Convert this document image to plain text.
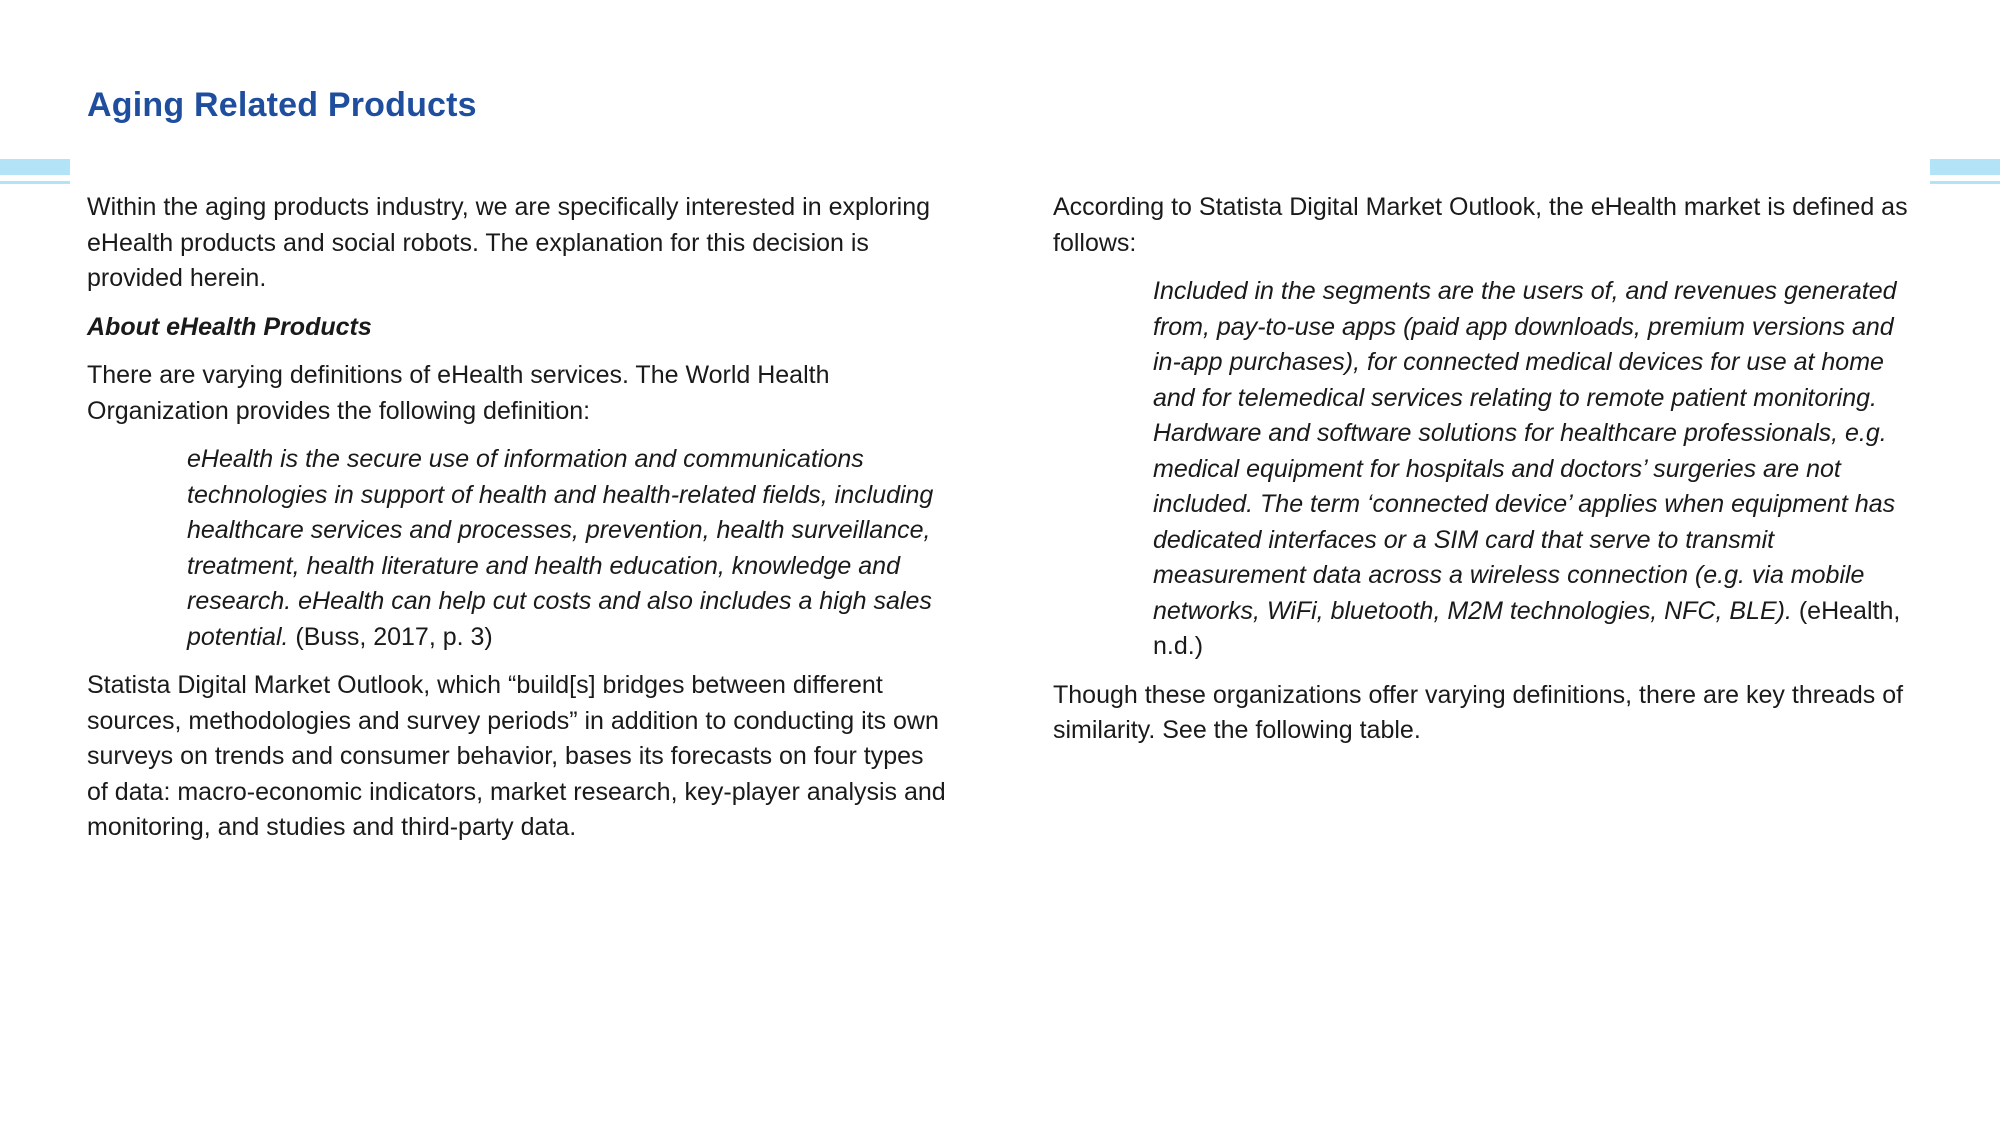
Aging Related Products

Within the aging products industry, we are specifically interested in exploring eHealth products and social robots. The explanation for this decision is provided herein.

About eHealth Products

There are varying definitions of eHealth services. The World Health Organization provides the following definition:

eHealth is the secure use of information and communications technologies in support of health and health-related fields, including healthcare services and processes, prevention, health surveillance, treatment, health literature and health education, knowledge and research. eHealth can help cut costs and also includes a high sales potential. (Buss, 2017, p. 3)

Statista Digital Market Outlook, which “build[s] bridges between different sources, methodologies and survey periods” in addition to conducting its own surveys on trends and consumer behavior, bases its forecasts on four types of data: macro-economic indicators, market research, key-player analysis and monitoring, and studies and third-party data.

According to Statista Digital Market Outlook, the eHealth market is defined as follows:

Included in the segments are the users of, and revenues generated from, pay-to-use apps (paid app downloads, premium versions and in-app purchases), for connected medical devices for use at home and for telemedical services relating to remote patient monitoring. Hardware and software solutions for healthcare professionals, e.g. medical equipment for hospitals and doctors’ surgeries are not included. The term ‘connected device’ applies when equipment has dedicated interfaces or a SIM card that serve to transmit measurement data across a wireless connection (e.g. via mobile networks, WiFi, bluetooth, M2M technologies, NFC, BLE). (eHealth, n.d.)

Though these organizations offer varying definitions, there are key threads of similarity. See the following table.
